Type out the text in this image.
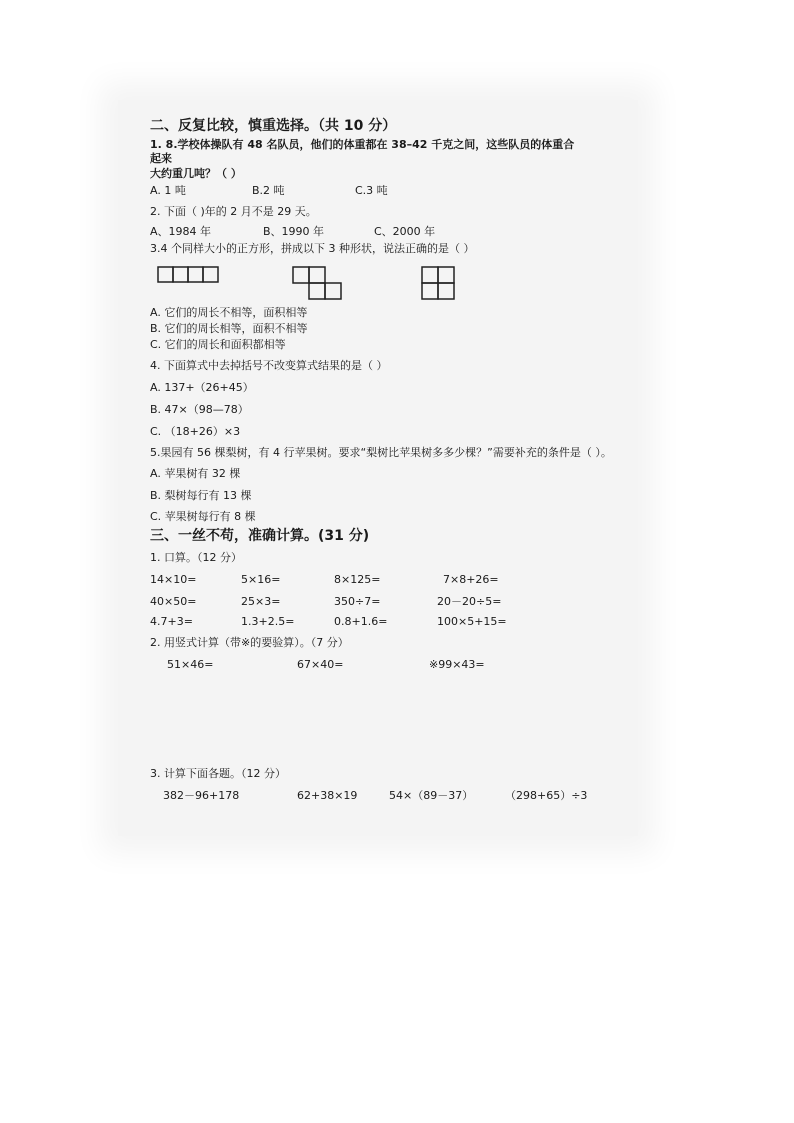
二、反复比较，慎重选择。（共 10 分）
1. 8.学校体操队有 48 名队员，他们的体重都在 38–42 千克之间，这些队员的体重合
起来
大约重几吨？（ ）
A. 1 吨	B.2 吨	C.3 吨
2. 下面（ )年的 2 月不是 29 天。
A、1984 年	B、1990 年	C、2000 年
3.4 个同样大小的正方形，拼成以下 3 种形状，说法正确的是（ ）
A. 它们的周长不相等，面积相等
B. 它们的周长相等，面积不相等
C. 它们的周长和面积都相等
4. 下面算式中去掉括号不改变算式结果的是（ ）
A. 137+（26+45）
B. 47×（98—78）
C. （18+26）×3
5.果园有 56 棵梨树，有 4 行苹果树。要求“梨树比苹果树多多少棵？”需要补充的条件是（ ）。
A. 苹果树有 32 棵
B. 梨树每行有 13 棵
C. 苹果树每行有 8 棵
三、一丝不苟，准确计算。(31 分)
1. 口算。（12 分）
14×10=	5×16=	8×125=	7×8+26=
40×50=	25×3=	350÷7=	20－20÷5=
4.7+3=	1.3+2.5=	0.8+1.6=	100×5+15=
2. 用竖式计算（带※的要验算）。（7 分）
51×46=	67×40=	※99×43=
3. 计算下面各题。（12 分）
382－96+178	62+38×19	54×（89－37）	（298+65）÷3
